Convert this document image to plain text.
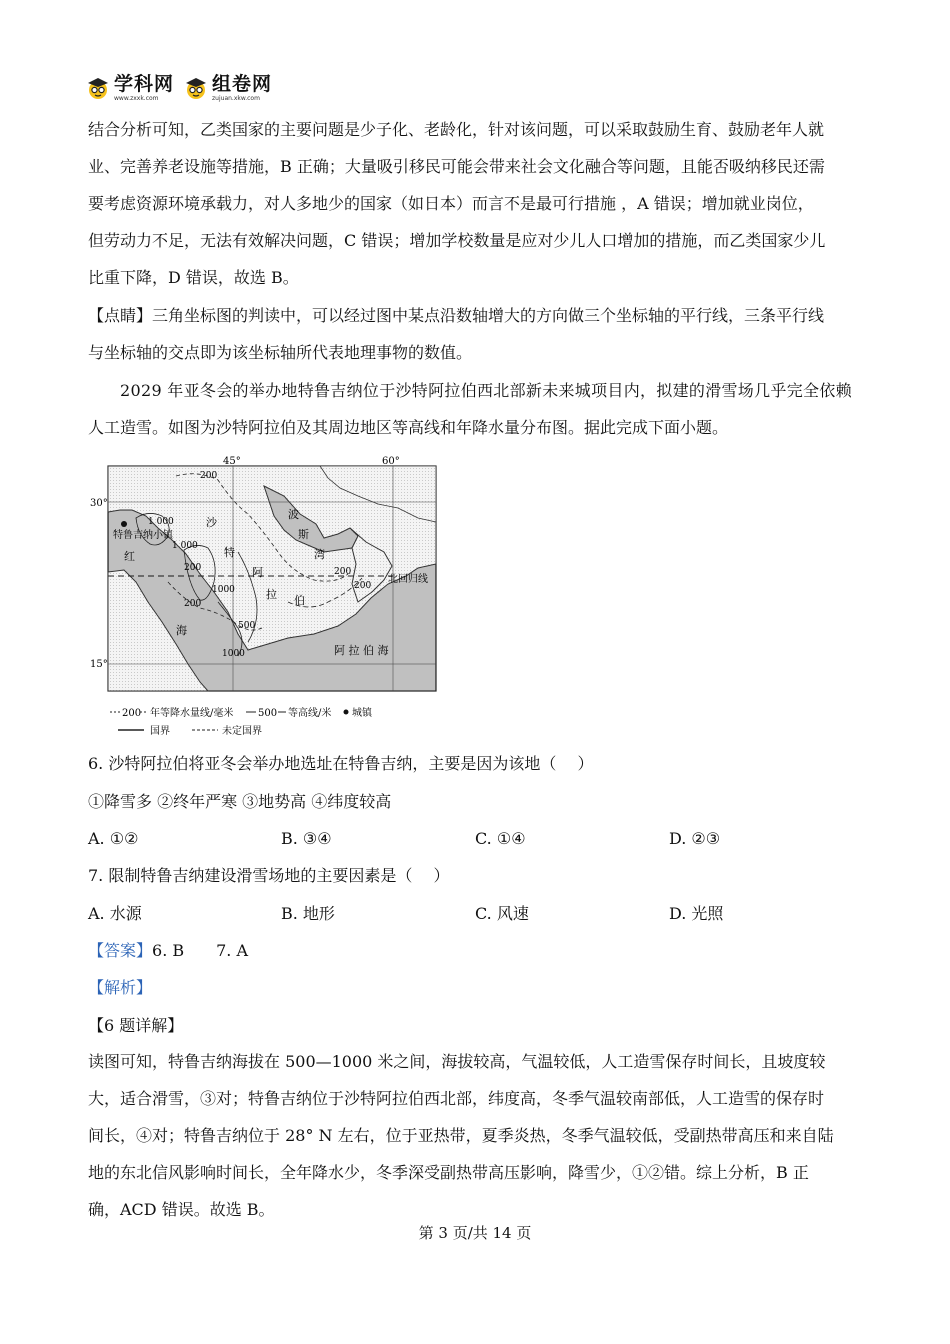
学科网
www.zxxk.com
组卷网
zujuan.xkw.com
结合分析可知，乙类国家的主要问题是少子化、老龄化，针对该问题，可以采取鼓励生育、鼓励老年人就
业、完善养老设施等措施，B 正确；大量吸引移民可能会带来社会文化融合等问题，且能否吸纳移民还需
要考虑资源环境承载力，对人多地少的国家（如日本）而言不是最可行措施 ，A 错误；增加就业岗位，
但劳动力不足，无法有效解决问题，C 错误；增加学校数量是应对少儿人口增加的措施，而乙类国家少儿
比重下降，D 错误，故选 B。
【点睛】三角坐标图的判读中，可以经过图中某点沿数轴增大的方向做三个坐标轴的平行线，三条平行线
与坐标轴的交点即为该坐标轴所代表地理事物的数值。
2029 年亚冬会的举办地特鲁吉纳位于沙特阿拉伯西北部新未来城项目内，拟建的滑雪场几乎完全依赖
人工造雪。如图为沙特阿拉伯及其周边地区等高线和年降水量分布图。据此完成下面小题。
45°	60°
30°
15°
特鲁吉纳小镇
红
海
波
斯
湾
阿 拉 伯 海
沙
特
阿
拉 伯
北回归线
200
200
200
200
200
1 000
1 000
1000
500
1000
200 年等降水量线/毫米 500 等高线/米 城镇
国界	未定国界
6. 沙特阿拉伯将亚冬会举办地选址在特鲁吉纳，主要是因为该地（　 ）
①降雪多 ②终年严寒 ③地势高 ④纬度较高
A. ①②	B. ③④	C. ①④	D. ②③
7. 限制特鲁吉纳建设滑雪场地的主要因素是（　 ）
A. 水源	B. 地形	C. 风速	D. 光照
【答案】6. B　　7. A
【解析】
【6 题详解】
读图可知，特鲁吉纳海拔在 500—1000 米之间，海拔较高，气温较低，人工造雪保存时间长，且坡度较
大，适合滑雪，③对；特鲁吉纳位于沙特阿拉伯西北部，纬度高，冬季气温较南部低，人工造雪的保存时
间长，④对；特鲁吉纳位于 28° N 左右，位于亚热带，夏季炎热，冬季气温较低，受副热带高压和来自陆
地的东北信风影响时间长，全年降水少，冬季深受副热带高压影响，降雪少，①②错。综上分析，B 正
确，ACD 错误。故选 B。
第 3 页/共 14 页
